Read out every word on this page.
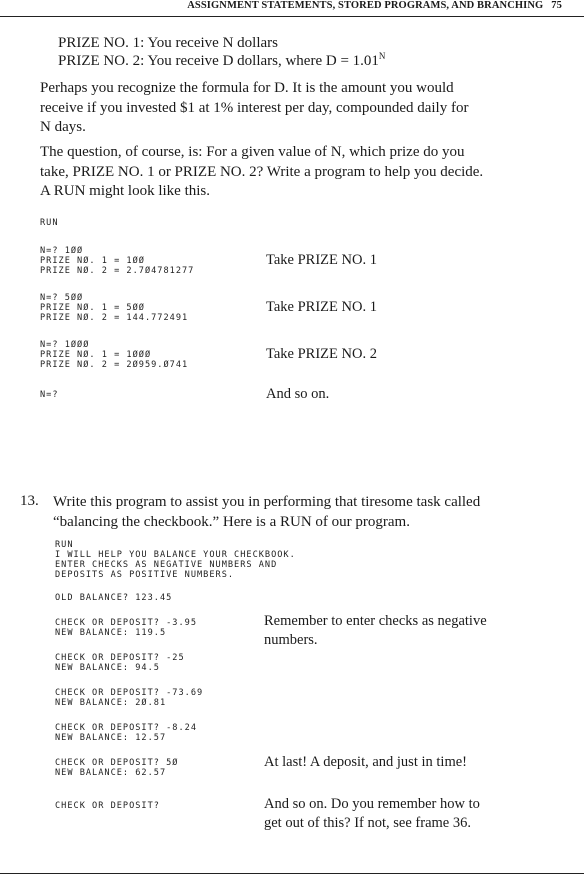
ASSIGNMENT STATEMENTS, STORED PROGRAMS, AND BRANCHING 75
PRIZE NO. 1: You receive N dollars
PRIZE NO. 2: You receive D dollars, where $D = 1.01^N$
Perhaps you recognize the formula for D. It is the amount you would
receive if you invested $1 at 1% interest per day, compounded daily for
N days.
The question, of course, is: For a given value of N, which prize do you
take, PRIZE NO. 1 or PRIZE NO. 2? Write a program to help you decide.
A RUN might look like this.
RUN
N=? 1ØØ
PRIZE NØ. 1 = 1ØØ
PRIZE NØ. 2 = 2.7Ø4781277
Take PRIZE NO. 1
N=? 5ØØ
PRIZE NØ. 1 = 5ØØ
PRIZE NØ. 2 = 144.772491
Take PRIZE NO. 1
N=? 1ØØØ
PRIZE NØ. 1 = 1ØØØ
PRIZE NØ. 2 = 2Ø959.Ø741
Take PRIZE NO. 2
N=?	And so on.
13. Write this program to assist you in performing that tiresome task called
“balancing the checkbook.” Here is a RUN of our program.
RUN
I WILL HELP YOU BALANCE YOUR CHECKBOOK.
ENTER CHECKS AS NEGATIVE NUMBERS AND
DEPOSITS AS POSITIVE NUMBERS.
OLD BALANCE? 123.45
CHECK OR DEPOSIT? -3.95
NEW BALANCE: 119.5
Remember to enter checks as negative
numbers.
CHECK OR DEPOSIT? -25
NEW BALANCE: 94.5
CHECK OR DEPOSIT? -73.69
NEW BALANCE: 2Ø.81
CHECK OR DEPOSIT? -8.24
NEW BALANCE: 12.57
CHECK OR DEPOSIT? 5Ø
NEW BALANCE: 62.57
At last! A deposit, and just in time!
CHECK OR DEPOSIT?	And so on. Do you remember how to
get out of this? If not, see frame 36.
